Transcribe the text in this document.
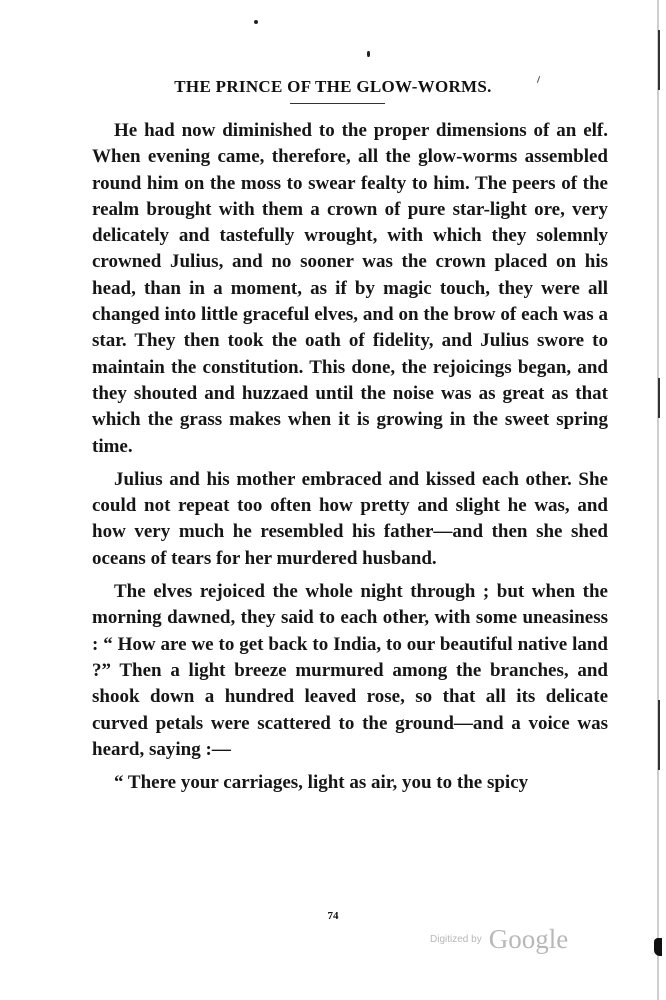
THE PRINCE OF THE GLOW-WORMS.

He had now diminished to the proper dimensions of an elf. When evening came, therefore, all the glow-worms assembled round him on the moss to swear fealty to him. The peers of the realm brought with them a crown of pure star-light ore, very delicately and tastefully wrought, with which they solemnly crowned Julius, and no sooner was the crown placed on his head, than in a moment, as if by magic touch, they were all changed into little graceful elves, and on the brow of each was a star. They then took the oath of fidelity, and Julius swore to maintain the constitution. This done, the rejoicings began, and they shouted and huzzaed until the noise was as great as that which the grass makes when it is growing in the sweet spring time.

Julius and his mother embraced and kissed each other. She could not repeat too often how pretty and slight he was, and how very much he resembled his father—and then she shed oceans of tears for her murdered husband.

The elves rejoiced the whole night through ; but when the morning dawned, they said to each other, with some uneasiness : “ How are we to get back to India, to our beautiful native land ?” Then a light breeze murmured among the branches, and shook down a hundred leaved rose, so that all its delicate curved petals were scattered to the ground—and a voice was heard, saying :—

“ There your carriages, light as air, you to the spicy

74
Digitized by Google
